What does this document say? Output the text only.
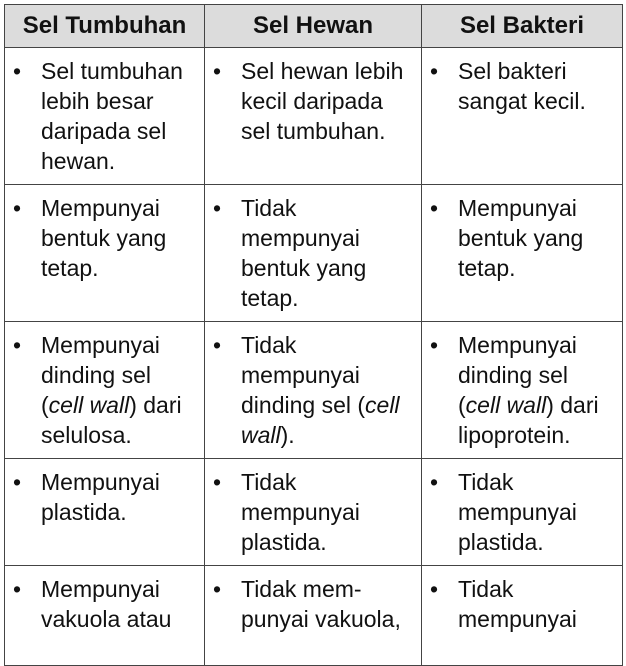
Sel Tumbuhan	Sel Hewan	Sel Bakteri

• Sel tumbuhan lebih besar daripada sel hewan.	• Sel hewan lebih kecil daripada sel tumbuhan.	• Sel bakteri sangat kecil.

• Mempunyai bentuk yang tetap.	• Tidak mempunyai bentuk yang tetap.	• Mempunyai bentuk yang tetap.

• Mempunyai dinding sel (cell wall) dari selulosa.	• Tidak mempunyai dinding sel (cell wall).	• Mempunyai dinding sel (cell wall) dari lipoprotein.

• Mempunyai plastida.	• Tidak mempunyai plastida.	• Tidak mempunyai plastida.

• Mempunyai vakuola atau	• Tidak mem-punyai vakuola,	• Tidak mempunyai
